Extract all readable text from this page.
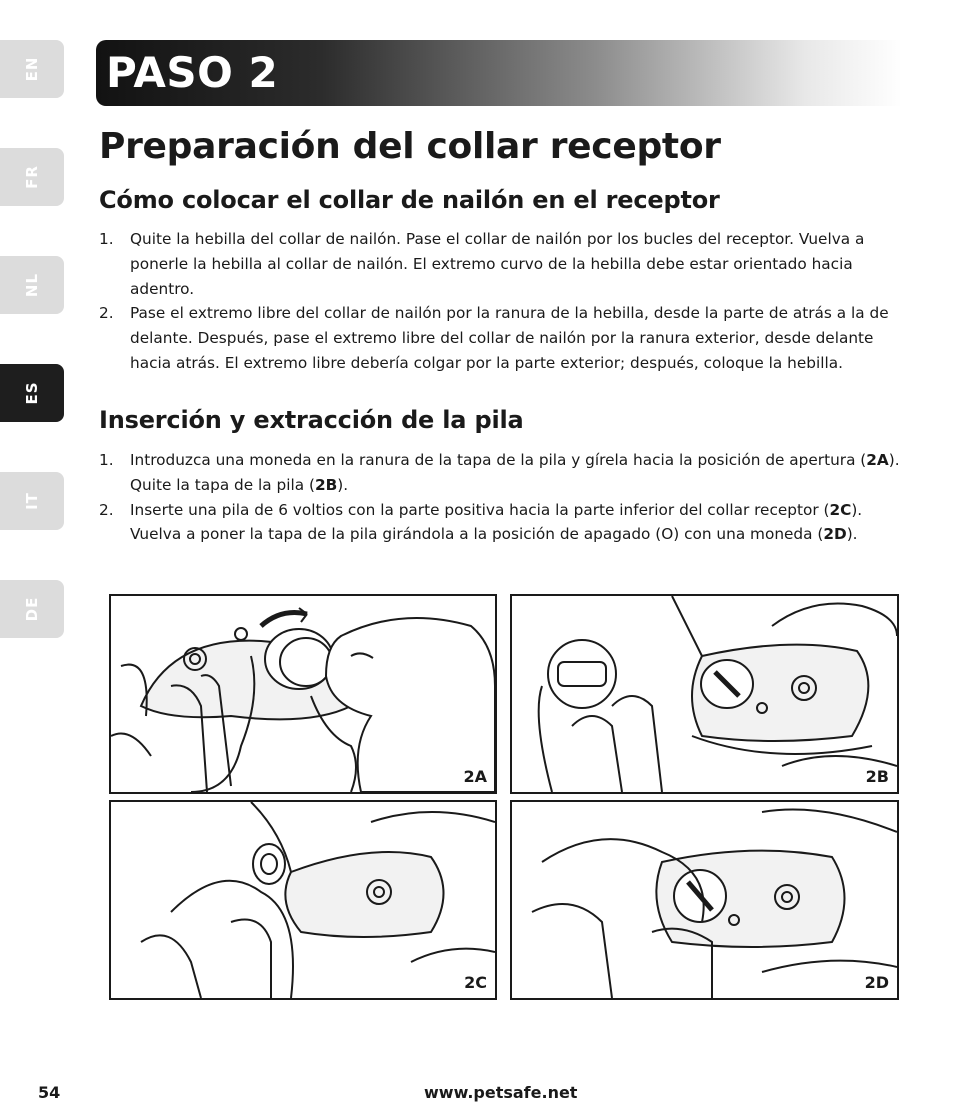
EN
FR
NL
ES
IT
DE
PASO 2
Preparación del collar receptor
Cómo colocar el collar de nailón en el receptor
1. Quite la hebilla del collar de nailón. Pase el collar de nailón por los bucles del receptor. Vuelva a ponerle la hebilla al collar de nailón. El extremo curvo de la hebilla debe estar orientado hacia adentro.
2. Pase el extremo libre del collar de nailón por la ranura de la hebilla, desde la parte de atrás a la de delante. Después, pase el extremo libre del collar de nailón por la ranura exterior, desde delante hacia atrás. El extremo libre debería colgar por la parte exterior; después, coloque la hebilla.
Inserción y extracción de la pila
1. Introduzca una moneda en la ranura de la tapa de la pila y gírela hacia la posición de apertura (2A). Quite la tapa de la pila (2B).
2. Inserte una pila de 6 voltios con la parte positiva hacia la parte inferior del collar receptor (2C). Vuelva a poner la tapa de la pila girándola a la posición de apagado (O) con una moneda (2D).
2A	2B
2C	2D
54	www.petsafe.net
